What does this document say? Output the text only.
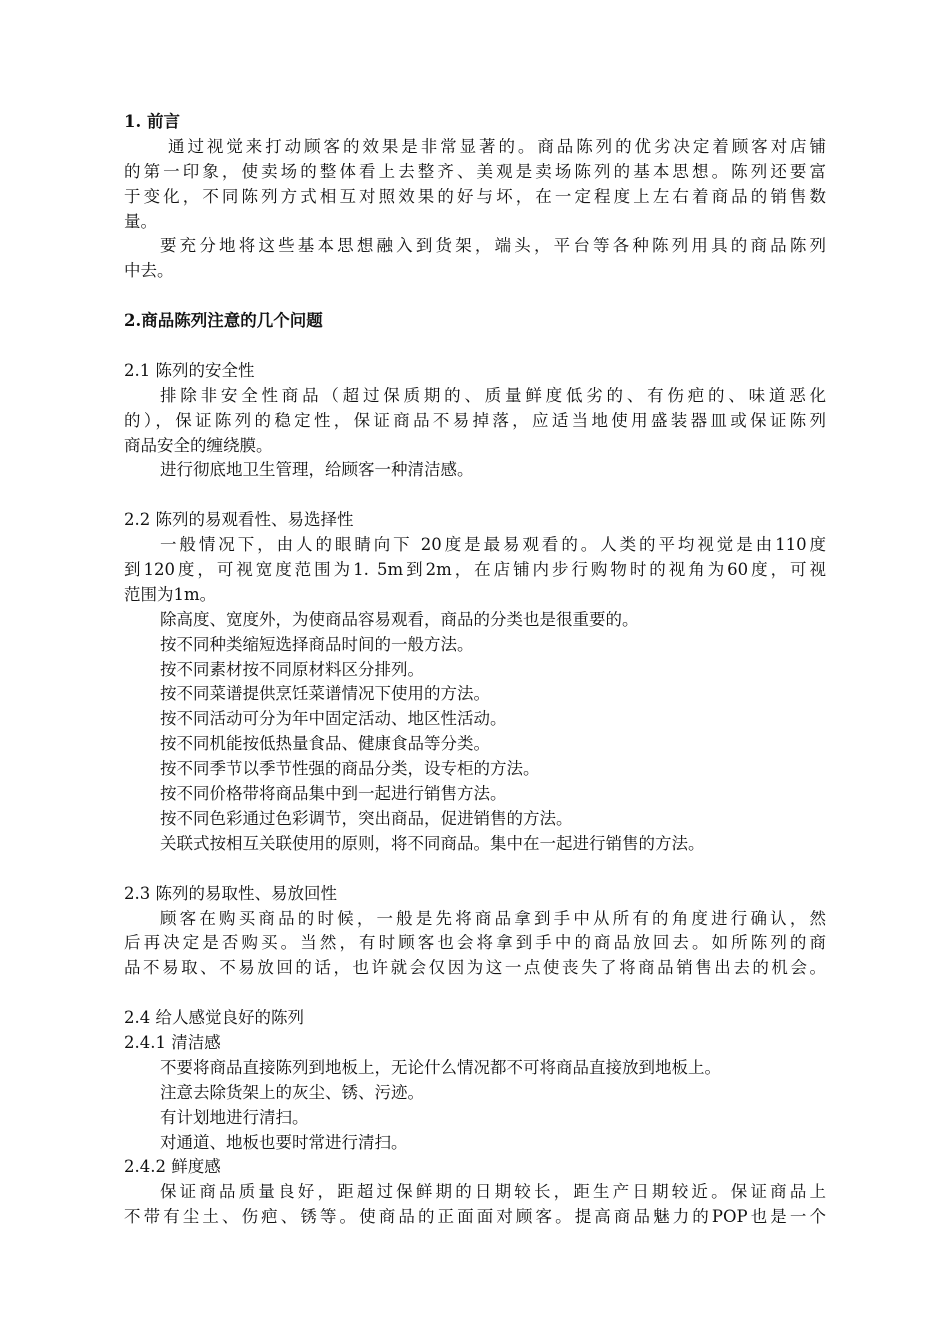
1. 前言
通过视觉来打动顾客的效果是非常显著的。商品陈列的优劣决定着顾客对店铺
的第一印象，使卖场的整体看上去整齐、美观是卖场陈列的基本思想。陈列还要富
于变化，不同陈列方式相互对照效果的好与坏，在一定程度上左右着商品的销售数
量。
要充分地将这些基本思想融入到货架，端头，平台等各种陈列用具的商品陈列
中去。
2.商品陈列注意的几个问题
2.1 陈列的安全性
排除非安全性商品（超过保质期的、质量鲜度低劣的、有伤疤的、味道恶化
的），保证陈列的稳定性，保证商品不易掉落，应适当地使用盛装器皿或保证陈列
商品安全的缠绕膜。
进行彻底地卫生管理，给顾客一种清洁感。
2.2 陈列的易观看性、易选择性
一般情况下，由人的眼睛向下 20度是最易观看的。人类的平均视觉是由110度
到120度，可视宽度范围为1. 5m到2m，在店铺内步行购物时的视角为60度，可视
范围为1m。
除高度、宽度外，为使商品容易观看，商品的分类也是很重要的。
按不同种类缩短选择商品时间的一般方法。
按不同素材按不同原材料区分排列。
按不同菜谱提供烹饪菜谱情况下使用的方法。
按不同活动可分为年中固定活动、地区性活动。
按不同机能按低热量食品、健康食品等分类。
按不同季节以季节性强的商品分类，设专柜的方法。
按不同价格带将商品集中到一起进行销售方法。
按不同色彩通过色彩调节，突出商品，促进销售的方法。
关联式按相互关联使用的原则，将不同商品。集中在一起进行销售的方法。
2.3 陈列的易取性、易放回性
顾客在购买商品的时候，一般是先将商品拿到手中从所有的角度进行确认，然
后再决定是否购买。当然，有时顾客也会将拿到手中的商品放回去。如所陈列的商
品不易取、不易放回的话，也许就会仅因为这一点使丧失了将商品销售出去的机会。
2.4 给人感觉良好的陈列
2.4.1 清洁感
不要将商品直接陈列到地板上，无论什么情况都不可将商品直接放到地板上。
注意去除货架上的灰尘、锈、污迹。
有计划地进行清扫。
对通道、地板也要时常进行清扫。
2.4.2 鲜度感
保证商品质量良好，距超过保鲜期的日期较长，距生产日期较近。保证商品上
不带有尘土、伤疤、锈等。使商品的正面面对顾客。提高商品魅力的POP也是一个
